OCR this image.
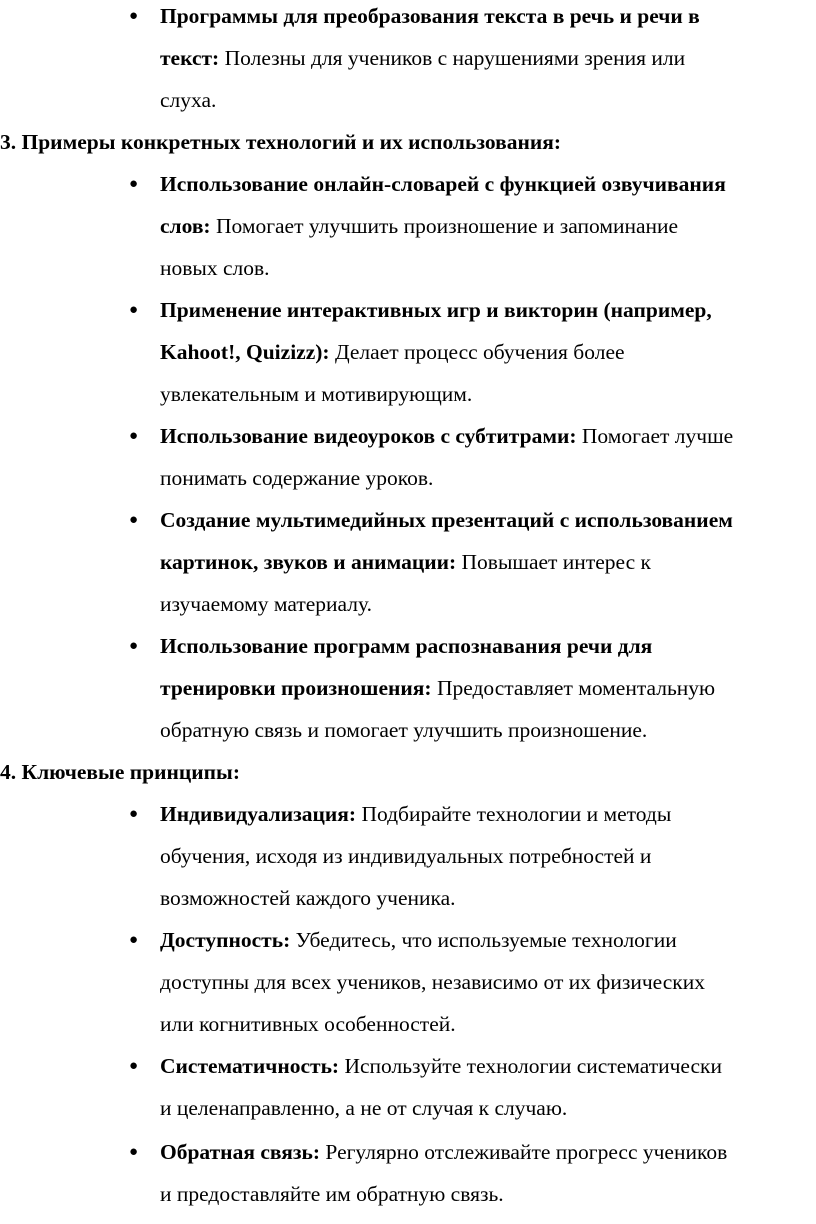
● Программы для преобразования текста в речь и речи в
текст: Полезны для учеников с нарушениями зрения или
слуха.
3. Примеры конкретных технологий и их использования:
● Использование онлайн-словарей с функцией озвучивания
слов: Помогает улучшить произношение и запоминание
новых слов.
● Применение интерактивных игр и викторин (например,
Kahoot!, Quizizz): Делает процесс обучения более
увлекательным и мотивирующим.
● Использование видеоуроков с субтитрами: Помогает лучше
понимать содержание уроков.
● Создание мультимедийных презентаций с использованием
картинок, звуков и анимации: Повышает интерес к
изучаемому материалу.
● Использование программ распознавания речи для
тренировки произношения: Предоставляет моментальную
обратную связь и помогает улучшить произношение.
4. Ключевые принципы:
● Индивидуализация: Подбирайте технологии и методы
обучения, исходя из индивидуальных потребностей и
возможностей каждого ученика.
● Доступность: Убедитесь, что используемые технологии
доступны для всех учеников, независимо от их физических
или когнитивных особенностей.
● Систематичность: Используйте технологии систематически
и целенаправленно, а не от случая к случаю.
● Обратная связь: Регулярно отслеживайте прогресс учеников
и предоставляйте им обратную связь.
